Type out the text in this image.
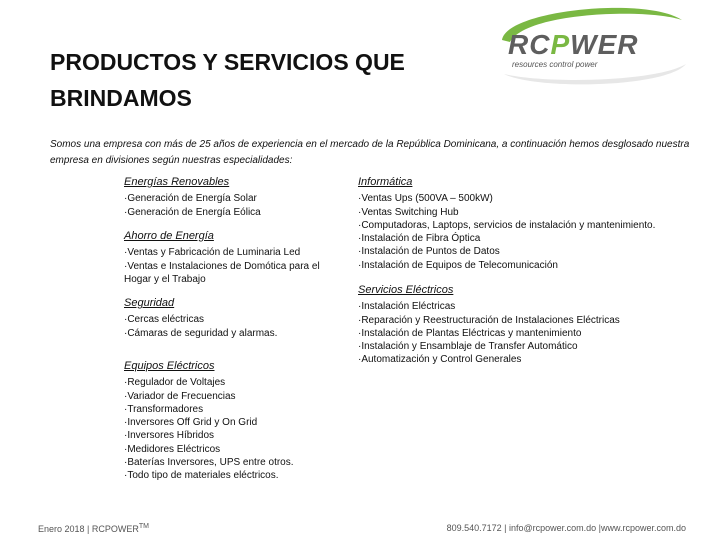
PRODUCTOS Y SERVICIOS QUE
BRINDAMOS
RCPWER
resources control power

Somos una empresa con más de 25 años de experiencia en el mercado de la República Dominicana, a continuación hemos desglosado nuestra empresa en divisiones según nuestras especialidades:

Energías Renovables
·Generación de Energía Solar
·Generación de Energía Eólica
Ahorro de Energía
·Ventas y Fabricación de Luminaria Led
·Ventas e Instalaciones de Domótica para el Hogar y el Trabajo
Seguridad
·Cercas eléctricas
·Cámaras de seguridad y alarmas.
Equipos Eléctricos
·Regulador de Voltajes
·Variador de Frecuencias
·Transformadores
·Inversores Off Grid y On Grid
·Inversores Híbridos
·Medidores Eléctricos
·Baterías Inversores, UPS entre otros.
·Todo tipo de materiales eléctricos.
Informática
·Ventas Ups (500VA – 500kW)
·Ventas Switching Hub
·Computadoras, Laptops, servicios de instalación y mantenimiento.
·Instalación de Fibra Óptica
·Instalación de Puntos de Datos
·Instalación de Equipos de Telecomunicación
Servicios Eléctricos
·Instalación Eléctricas
·Reparación y Reestructuración de Instalaciones Eléctricas
·Instalación de Plantas Eléctricas y mantenimiento
·Instalación y Ensamblaje de Transfer Automático
·Automatización y Control Generales
Enero 2018 | RCPOWER™	809.540.7172 | info@rcpower.com.do |www.rcpower.com.do
